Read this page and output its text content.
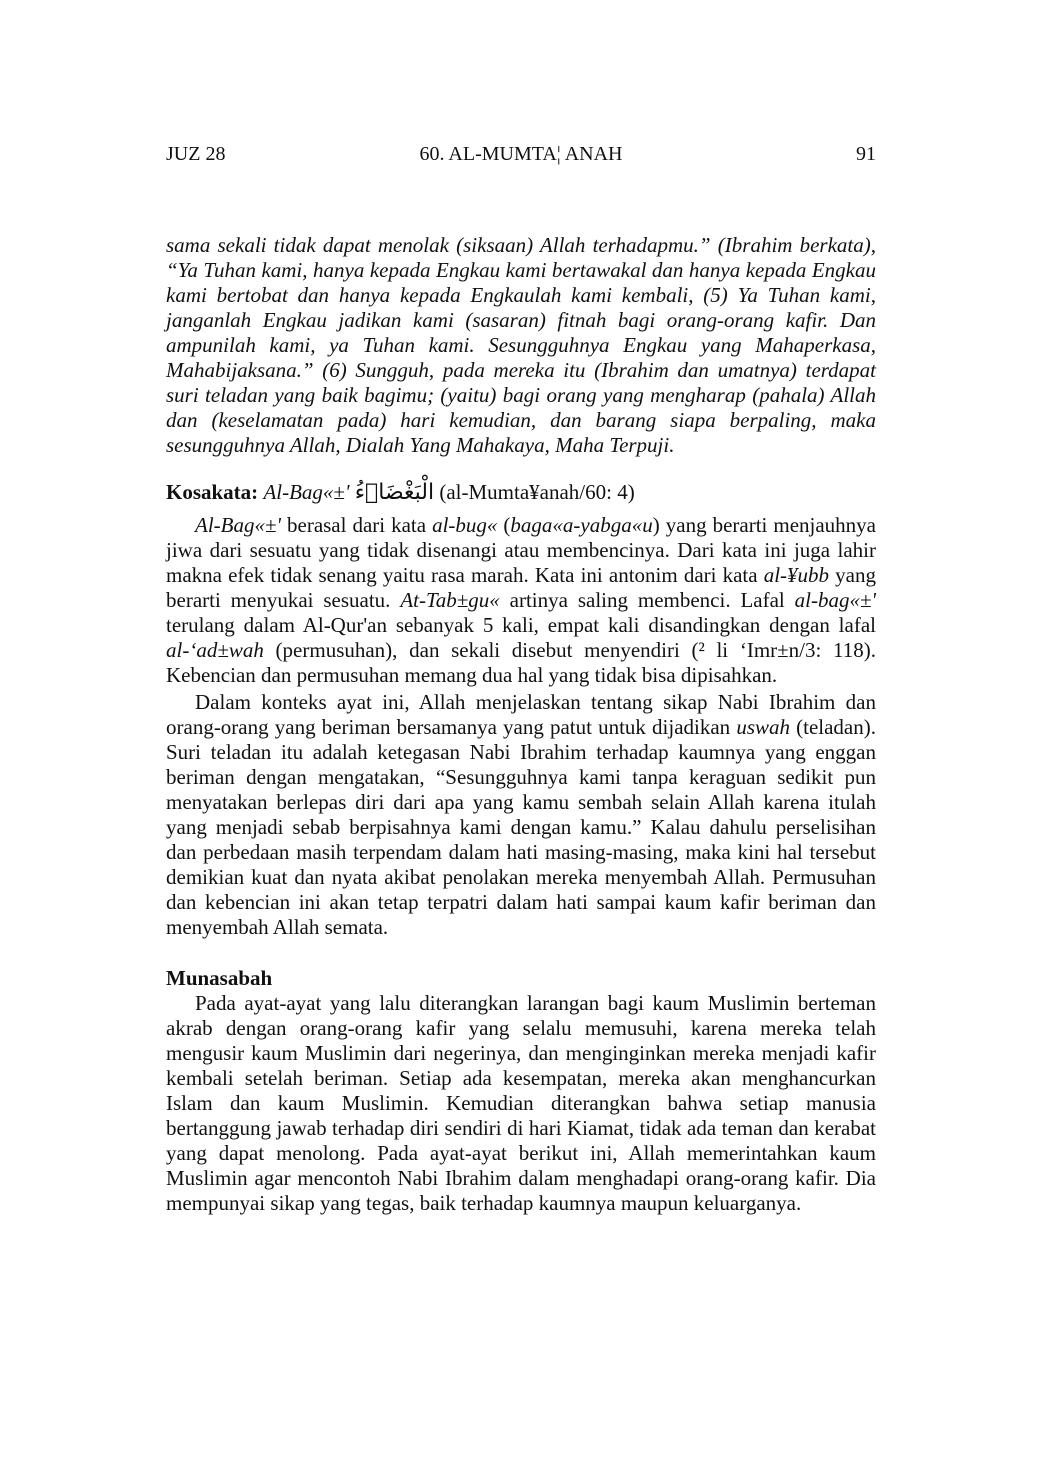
JUZ 28	60. AL-MUMTA¦ ANAH	91

sama sekali tidak dapat menolak (siksaan) Allah terhadapmu.” (Ibrahim berkata), “Ya Tuhan kami, hanya kepada Engkau kami bertawakal dan hanya kepada Engkau kami bertobat dan hanya kepada Engkaulah kami kembali, (5) Ya Tuhan kami, janganlah Engkau jadikan kami (sasaran) fitnah bagi orang-orang kafir. Dan ampunilah kami, ya Tuhan kami. Sesungguhnya Engkau yang Mahaperkasa, Mahabijaksana.” (6) Sungguh, pada mereka itu (Ibrahim dan umatnya) terdapat suri teladan yang baik bagimu; (yaitu) bagi orang yang mengharap (pahala) Allah dan (keselamatan pada) hari kemudian, dan barang siapa berpaling, maka sesungguhnya Allah, Dialah Yang Mahakaya, Maha Terpuji.

Kosakata: Al-Bag«±' الْبَغْضَاۤءُ (al-Mumta¥anah/60: 4)

Al-Bag«±' berasal dari kata al-bug« (baga«a-yabga«u) yang berarti menjauhnya jiwa dari sesuatu yang tidak disenangi atau membencinya. Dari kata ini juga lahir makna efek tidak senang yaitu rasa marah. Kata ini antonim dari kata al-¥ubb yang berarti menyukai sesuatu. At-Tab±gu« artinya saling membenci. Lafal al-bag«±' terulang dalam Al-Qur'an sebanyak 5 kali, empat kali disandingkan dengan lafal al-‘ad±wah (permusuhan), dan sekali disebut menyendiri (² li ‘Imr±n/3: 118). Kebencian dan permusuhan memang dua hal yang tidak bisa dipisahkan.

Dalam konteks ayat ini, Allah menjelaskan tentang sikap Nabi Ibrahim dan orang-orang yang beriman bersamanya yang patut untuk dijadikan uswah (teladan). Suri teladan itu adalah ketegasan Nabi Ibrahim terhadap kaumnya yang enggan beriman dengan mengatakan, “Sesungguhnya kami tanpa keraguan sedikit pun menyatakan berlepas diri dari apa yang kamu sembah selain Allah karena itulah yang menjadi sebab berpisahnya kami dengan kamu.” Kalau dahulu perselisihan dan perbedaan masih terpendam dalam hati masing-masing, maka kini hal tersebut demikian kuat dan nyata akibat penolakan mereka menyembah Allah. Permusuhan dan kebencian ini akan tetap terpatri dalam hati sampai kaum kafir beriman dan menyembah Allah semata.

Munasabah

Pada ayat-ayat yang lalu diterangkan larangan bagi kaum Muslimin berteman akrab dengan orang-orang kafir yang selalu memusuhi, karena mereka telah mengusir kaum Muslimin dari negerinya, dan menginginkan mereka menjadi kafir kembali setelah beriman. Setiap ada kesempatan, mereka akan menghancurkan Islam dan kaum Muslimin. Kemudian diterangkan bahwa setiap manusia bertanggung jawab terhadap diri sendiri di hari Kiamat, tidak ada teman dan kerabat yang dapat menolong. Pada ayat-ayat berikut ini, Allah memerintahkan kaum Muslimin agar mencontoh Nabi Ibrahim dalam menghadapi orang-orang kafir. Dia mempunyai sikap yang tegas, baik terhadap kaumnya maupun keluarganya.
